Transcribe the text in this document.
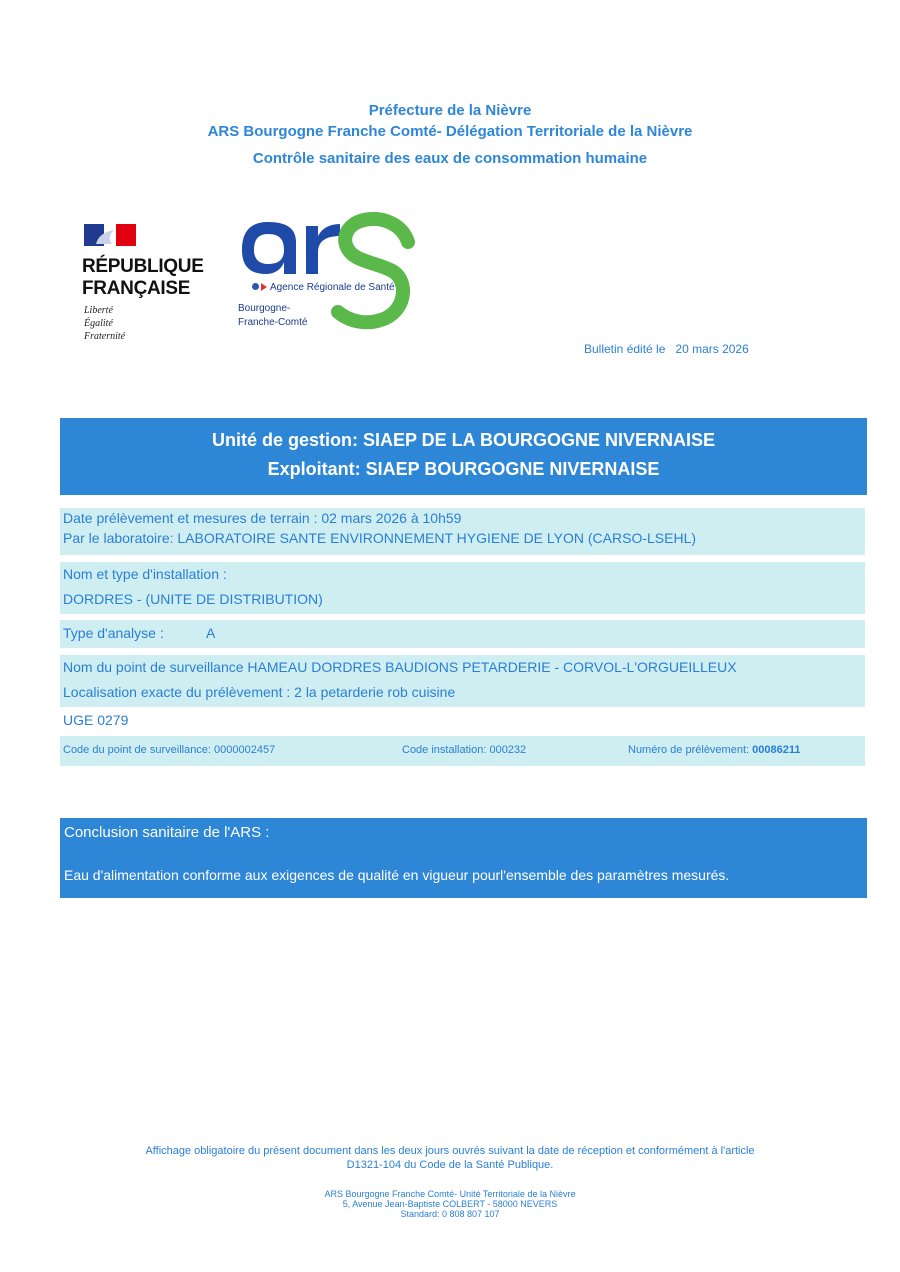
Préfecture de la Nièvre
ARS Bourgogne Franche Comté- Délégation Territoriale de la Nièvre
Contrôle sanitaire des eaux de consommation humaine
RÉPUBLIQUE
FRANÇAISE
Liberté
Égalité
Fraternité
Agence Régionale de Santé
Bourgogne-
Franche-Comté
Bulletin édité le 20 mars 2026
Unité de gestion: SIAEP DE LA BOURGOGNE NIVERNAISE
Exploitant: SIAEP BOURGOGNE NIVERNAISE
Date prélèvement et mesures de terrain : 02 mars 2026 à 10h59
Par le laboratoire: LABORATOIRE SANTE ENVIRONNEMENT HYGIENE DE LYON (CARSO-LSEHL)
Nom et type d'installation :
DORDRES - (UNITE DE DISTRIBUTION)
Type d'analyse :	A
Nom du point de surveillance HAMEAU DORDRES BAUDIONS PETARDERIE - CORVOL-L'ORGUEILLEUX
Localisation exacte du prélèvement : 2 la petarderie rob cuisine
UGE 0279
Code du point de surveillance: 0000002457	Code installation: 000232	Numéro de prélèvement: 00086211
Conclusion sanitaire de l'ARS :
Eau d'alimentation conforme aux exigences de qualité en vigueur pourl'ensemble des paramètres mesurés.
Affichage obligatoire du présent document dans les deux jours ouvrés suivant la date de réception et conformément à l'article
D1321-104 du Code de la Santé Publique.
ARS Bourgogne Franche Comté- Unité Territoriale de la Nièvre
5, Avenue Jean-Baptiste COLBERT - 58000 NEVERS
Standard: 0 808 807 107
